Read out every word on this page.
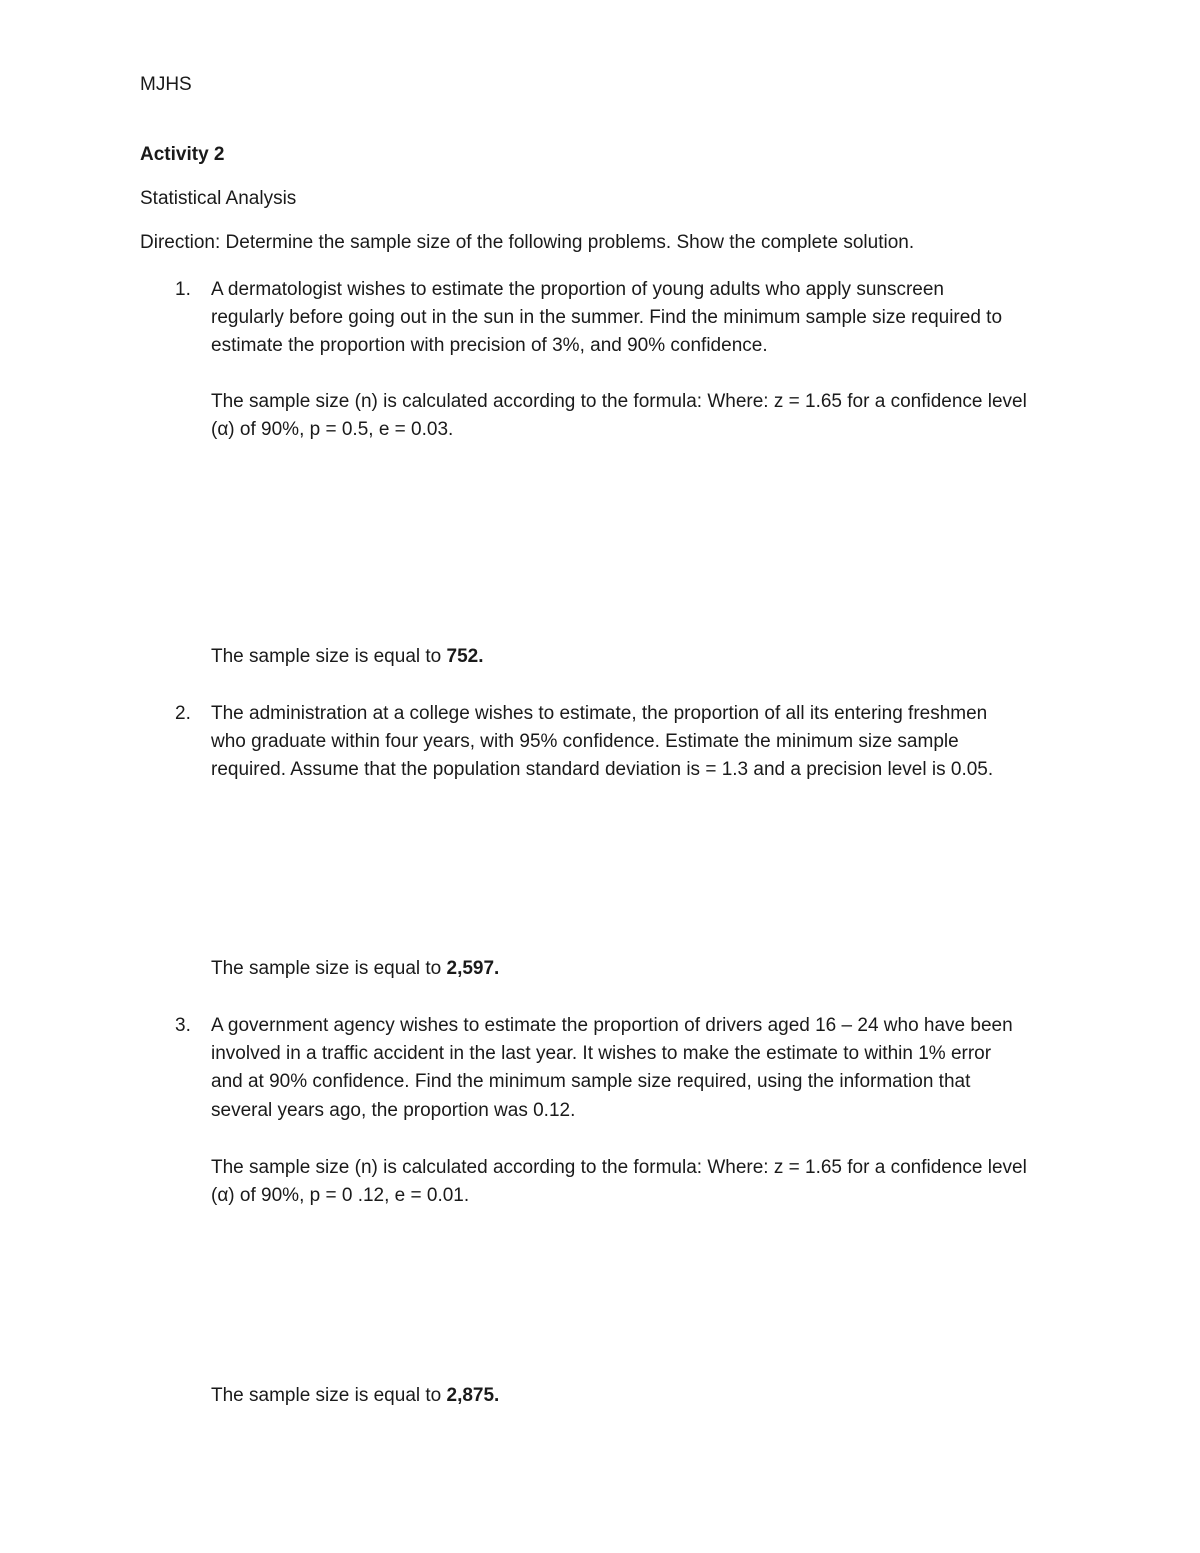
MJHS
Activity 2
Statistical Analysis
Direction: Determine the sample size of the following problems. Show the complete solution.
1. A dermatologist wishes to estimate the proportion of young adults who apply sunscreen
regularly before going out in the sun in the summer. Find the minimum sample size required to
estimate the proportion with precision of 3%, and 90% confidence.
The sample size (n) is calculated according to the formula: Where: z = 1.65 for a confidence level
(α) of 90%, p = 0.5, e = 0.03.
The sample size is equal to 752.
2. The administration at a college wishes to estimate, the proportion of all its entering freshmen
who graduate within four years, with 95% confidence. Estimate the minimum size sample
required. Assume that the population standard deviation is = 1.3 and a precision level is 0.05.
The sample size is equal to 2,597.
3. A government agency wishes to estimate the proportion of drivers aged 16 – 24 who have been
involved in a traffic accident in the last year. It wishes to make the estimate to within 1% error
and at 90% confidence. Find the minimum sample size required, using the information that
several years ago, the proportion was 0.12.
The sample size (n) is calculated according to the formula: Where: z = 1.65 for a confidence level
(α) of 90%, p = 0 .12, e = 0.01.
The sample size is equal to 2,875.
